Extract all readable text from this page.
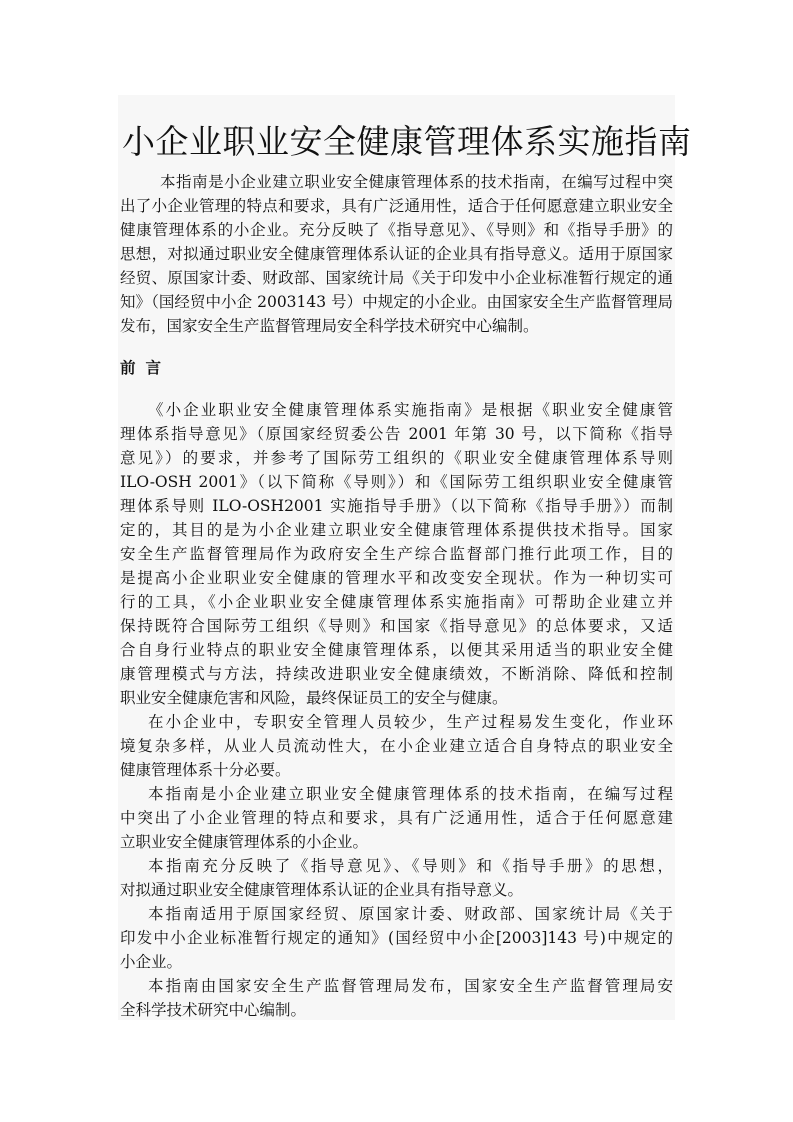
小企业职业安全健康管理体系实施指南
本指南是小企业建立职业安全健康管理体系的技术指南，在编写过程中突
出了小企业管理的特点和要求，具有广泛通用性，适合于任何愿意建立职业安全
健康管理体系的小企业。充分反映了《指导意见》、《导则》和《指导手册》的
思想，对拟通过职业安全健康管理体系认证的企业具有指导意义。适用于原国家
经贸、原国家计委、财政部、国家统计局《关于印发中小企业标准暂行规定的通
知》（国经贸中小企 2003143 号）中规定的小企业。由国家安全生产监督管理局
发布，国家安全生产监督管理局安全科学技术研究中心编制。
前言
《小企业职业安全健康管理体系实施指南》是根据《职业安全健康管
理体系指导意见》（原国家经贸委公告 2001 年第 30 号，以下简称《指导
意见》）的要求，并参考了国际劳工组织的《职业安全健康管理体系导则
ILO-OSH 2001》（以下简称《导则》）和《国际劳工组织职业安全健康管
理体系导则 ILO-OSH2001 实施指导手册》（以下简称《指导手册》）而制
定的，其目的是为小企业建立职业安全健康管理体系提供技术指导。国家
安全生产监督管理局作为政府安全生产综合监督部门推行此项工作，目的
是提高小企业职业安全健康的管理水平和改变安全现状。作为一种切实可
行的工具，《小企业职业安全健康管理体系实施指南》可帮助企业建立并
保持既符合国际劳工组织《导则》和国家《指导意见》的总体要求，又适
合自身行业特点的职业安全健康管理体系，以便其采用适当的职业安全健
康管理模式与方法，持续改进职业安全健康绩效，不断消除、降低和控制
职业安全健康危害和风险，最终保证员工的安全与健康。
在小企业中，专职安全管理人员较少，生产过程易发生变化，作业环
境复杂多样，从业人员流动性大，在小企业建立适合自身特点的职业安全
健康管理体系十分必要。
本指南是小企业建立职业安全健康管理体系的技术指南，在编写过程
中突出了小企业管理的特点和要求，具有广泛通用性，适合于任何愿意建
立职业安全健康管理体系的小企业。
本指南充分反映了《指导意见》、《导则》和《指导手册》的思想，
对拟通过职业安全健康管理体系认证的企业具有指导意义。
本指南适用于原国家经贸、原国家计委、财政部、国家统计局《关于
印发中小企业标准暂行规定的通知》(国经贸中小企[2003]143 号)中规定的
小企业。
本指南由国家安全生产监督管理局发布，国家安全生产监督管理局安
全科学技术研究中心编制。
